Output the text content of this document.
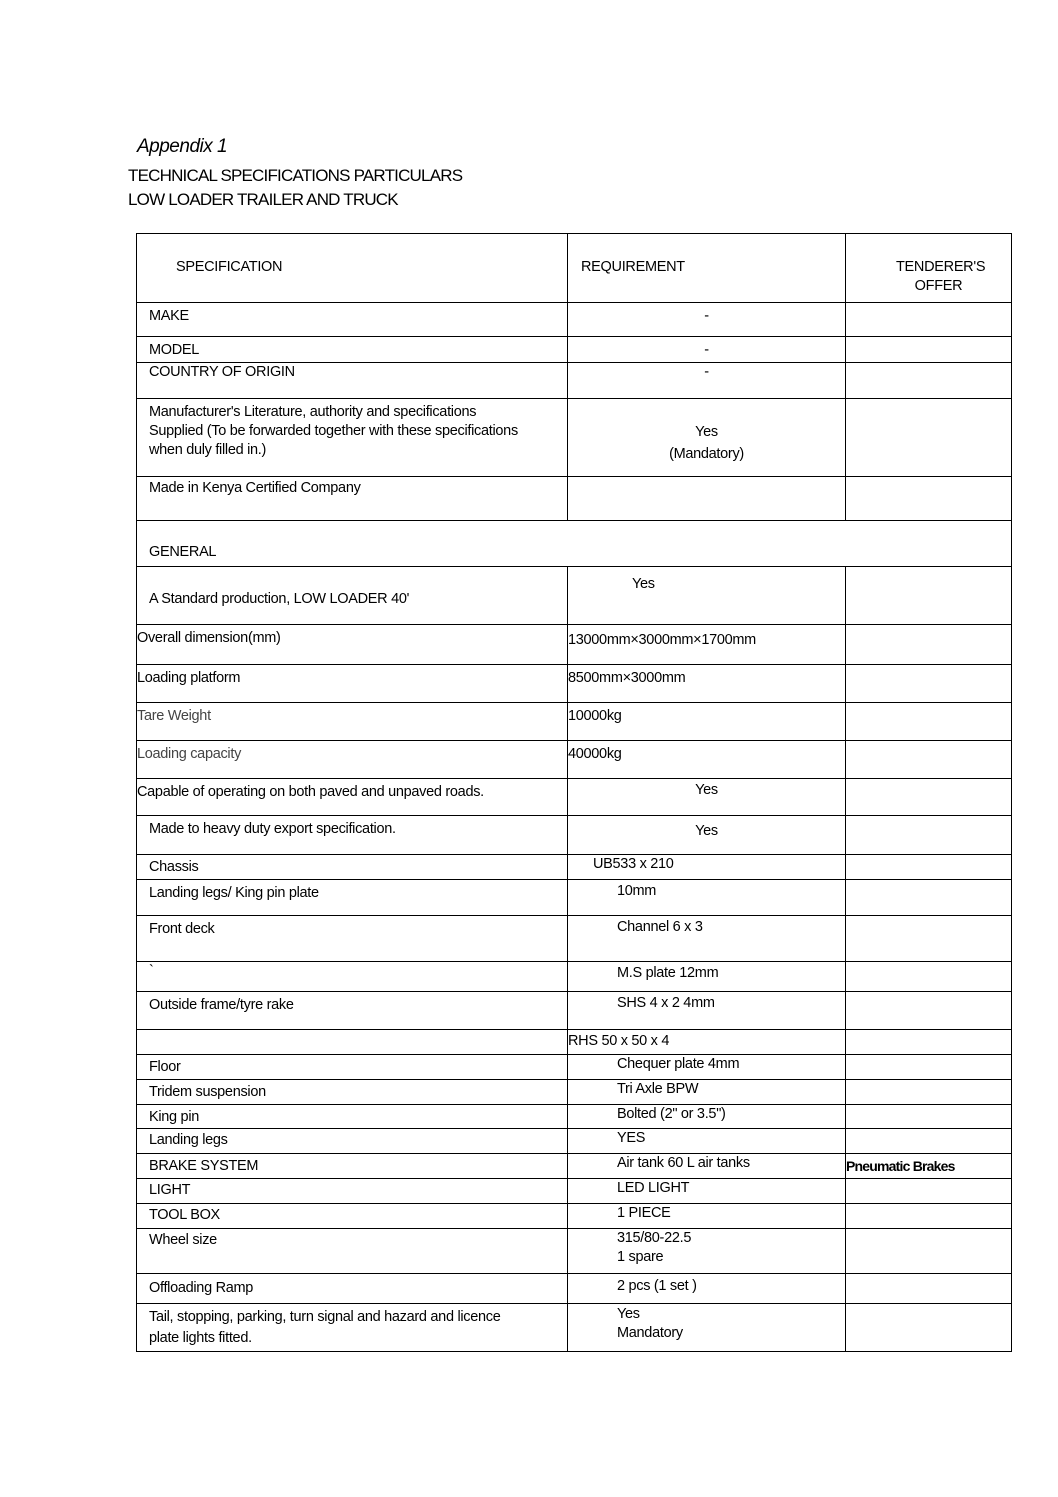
Appendix 1
TECHNICAL SPECIFICATIONS PARTICULARS
LOW LOADER TRAILER AND TRUCK
SPECIFICATION	REQUIREMENT	TENDERER'S OFFER
MAKE	-	
MODEL	-	
COUNTRY OF ORIGIN	-	
Manufacturer's Literature, authority and specifications Supplied (To be forwarded together with these specifications when duly filled in.)	Yes
(Mandatory)	

Made in Kenya Certified Company		
GENERAL		
A Standard production, LOW LOADER 40'	Yes	
Overall dimension(mm)	13000mm×3000mm×1700mm	
Loading platform	8500mm×3000mm	
Tare Weight	10000kg	
Loading capacity	40000kg	
Capable of operating on both paved and unpaved roads.	Yes	
Made to heavy duty export specification.	Yes	
Chassis	UB533 x 210	
Landing legs/ King pin plate	10mm	
Front deck	Channel 6 x 3	
`	M.S plate 12mm	
Outside frame/tyre rake	SHS 4 x 2 4mm	
	RHS 50 x 50 x 4	
Floor	Chequer plate 4mm	
Tridem suspension	Tri Axle BPW	
King pin	Bolted (2" or 3.5")	
Landing legs	YES	
BRAKE SYSTEM	Air tank 60 L air tanks	Pneumatic Brakes
LIGHT	LED LIGHT	
TOOL BOX	1 PIECE	
Wheel size	315/80-22.5
1 spare	

Offloading Ramp	2 pcs (1 set )	
Tail, stopping, parking, turn signal and hazard and licence plate lights fitted.	Yes
Mandatory	
